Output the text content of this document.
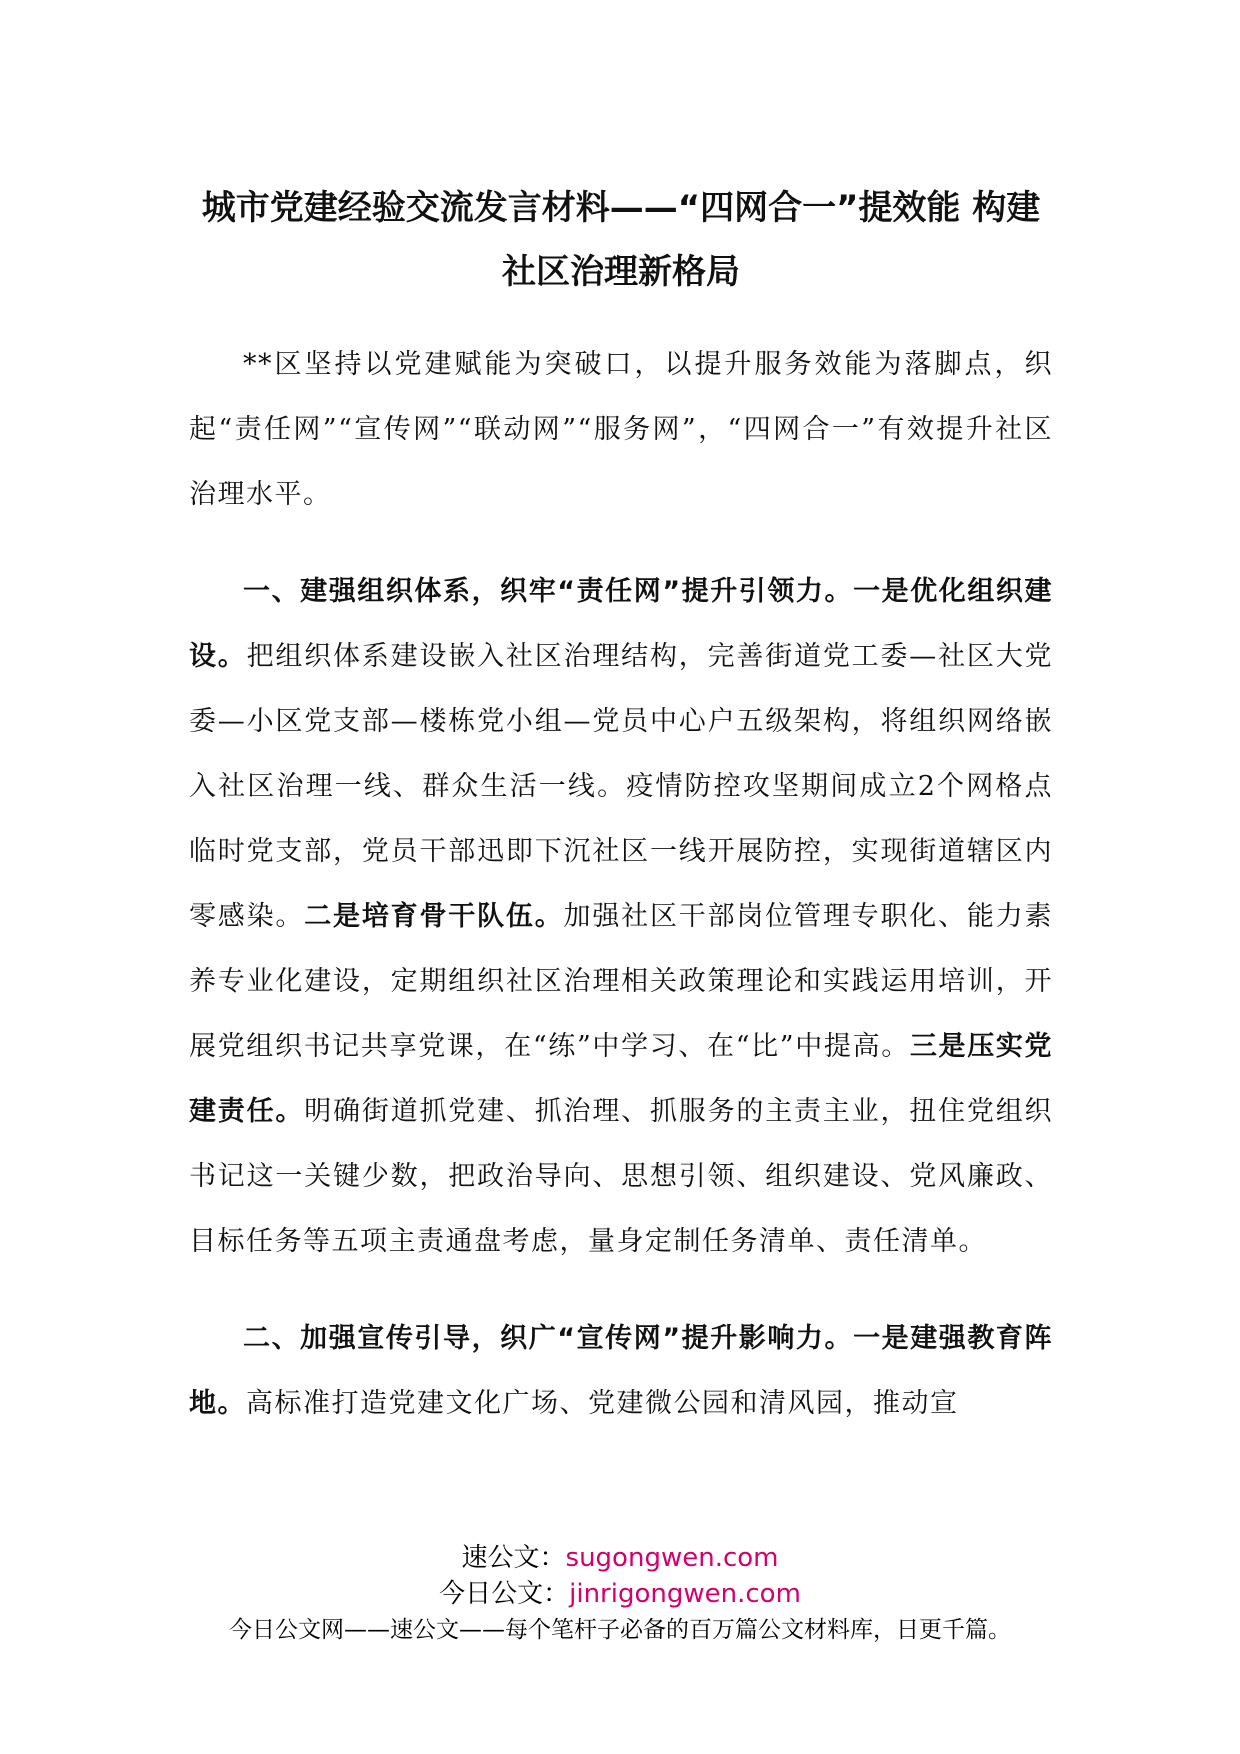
城市党建经验交流发言材料——“四网合一”提效能 构建
社区治理新格局

**区坚持以党建赋能为突破口，以提升服务效能为落脚点，织起“责任网”“宣传网”“联动网”“服务网”，“四网合一”有效提升社区治理水平。

一、建强组织体系，织牢“责任网”提升引领力。一是优化组织建设。把组织体系建设嵌入社区治理结构，完善街道党工委—社区大党委—小区党支部—楼栋党小组—党员中心户五级架构，将组织网络嵌入社区治理一线、群众生活一线。疫情防控攻坚期间成立2个网格点临时党支部，党员干部迅即下沉社区一线开展防控，实现街道辖区内零感染。二是培育骨干队伍。加强社区干部岗位管理专职化、能力素养专业化建设，定期组织社区治理相关政策理论和实践运用培训，开展党组织书记共享党课，在“练”中学习、在“比”中提高。三是压实党建责任。明确街道抓党建、抓治理、抓服务的主责主业，扭住党组织书记这一关键少数，把政治导向、思想引领、组织建设、党风廉政、目标任务等五项主责通盘考虑，量身定制任务清单、责任清单。

二、加强宣传引导，织广“宣传网”提升影响力。一是建强教育阵地。高标准打造党建文化广场、党建微公园和清风园，推动宣

速公文：sugongwen.com
今日公文：jinrigongwen.com
今日公文网——速公文——每个笔杆子必备的百万篇公文材料库，日更千篇。
